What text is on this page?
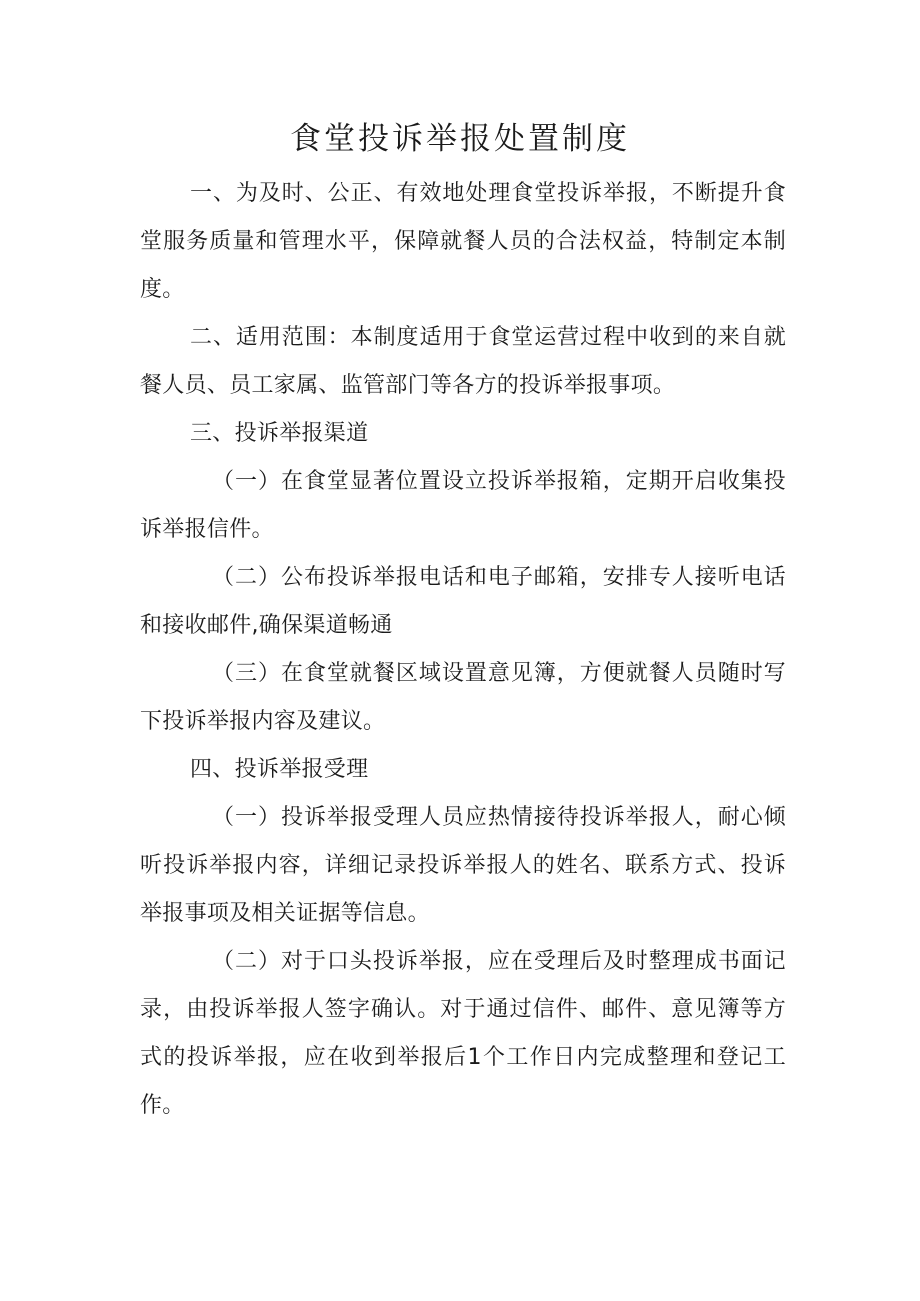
食堂投诉举报处置制度

一、为及时、公正、有效地处理食堂投诉举报，不断提升食堂服务质量和管理水平，保障就餐人员的合法权益，特制定本制度。

二、适用范围：本制度适用于食堂运营过程中收到的来自就餐人员、员工家属、监管部门等各方的投诉举报事项。

三、投诉举报渠道

（一）在食堂显著位置设立投诉举报箱，定期开启收集投诉举报信件。

（二）公布投诉举报电话和电子邮箱，安排专人接听电话和接收邮件,确保渠道畅通

（三）在食堂就餐区域设置意见簿，方便就餐人员随时写下投诉举报内容及建议。

四、投诉举报受理

（一）投诉举报受理人员应热情接待投诉举报人，耐心倾听投诉举报内容，详细记录投诉举报人的姓名、联系方式、投诉举报事项及相关证据等信息。

（二）对于口头投诉举报，应在受理后及时整理成书面记录，由投诉举报人签字确认。对于通过信件、邮件、意见簿等方式的投诉举报，应在收到举报后1个工作日内完成整理和登记工作。
